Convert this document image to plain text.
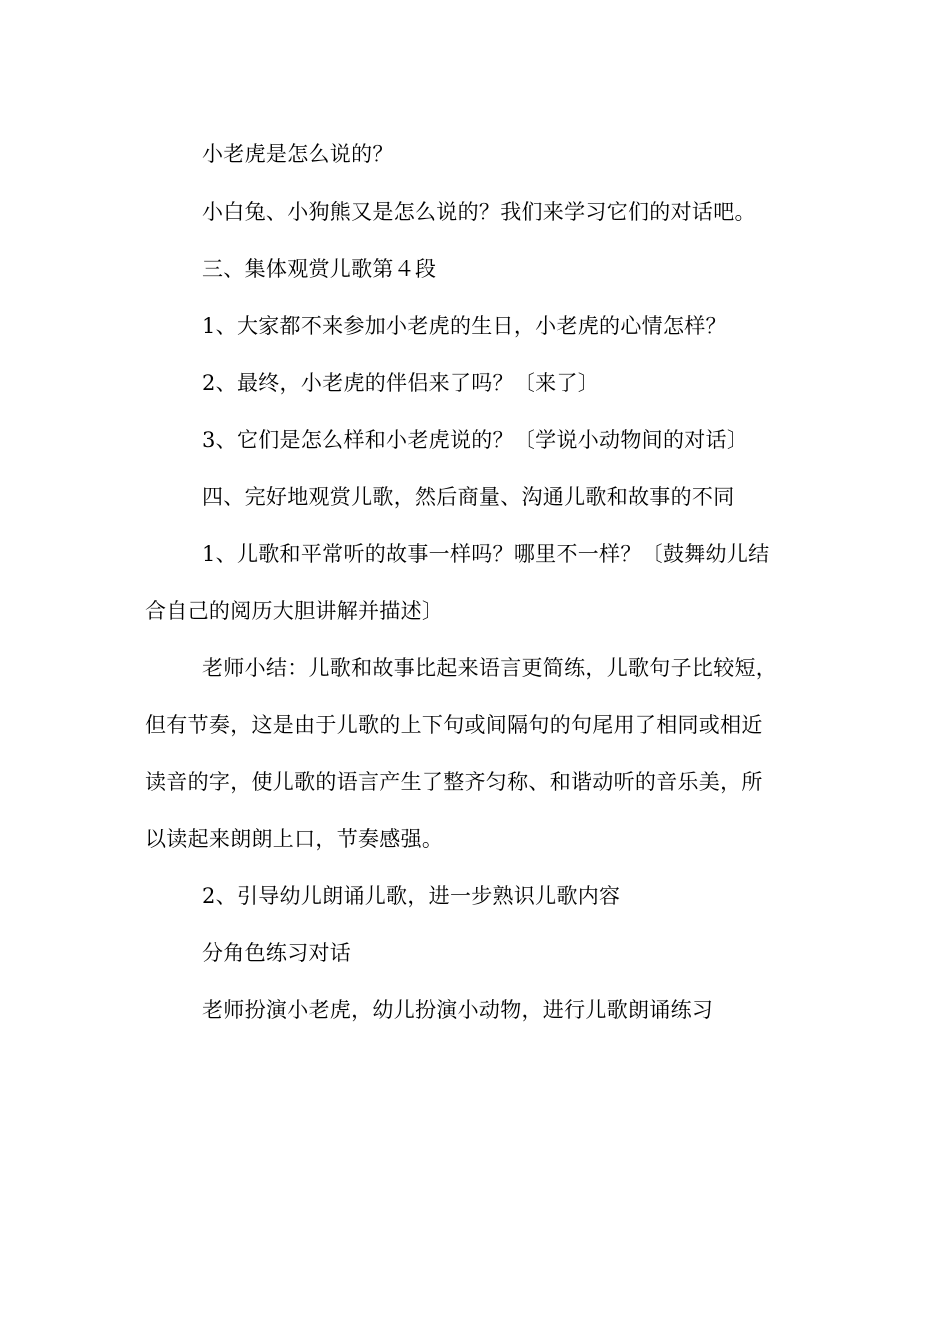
小老虎是怎么说的？
小白兔、小狗熊又是怎么说的？我们来学习它们的对话吧。
三、集体观赏儿歌第４段
1、大家都不来参加小老虎的生日，小老虎的心情怎样？
2、最终，小老虎的伴侣来了吗？〔来了〕
3、它们是怎么样和小老虎说的？〔学说小动物间的对话〕
四、完好地观赏儿歌，然后商量、沟通儿歌和故事的不同
1、儿歌和平常听的故事一样吗？哪里不一样？〔鼓舞幼儿结
合自己的阅历大胆讲解并描述〕
老师小结：儿歌和故事比起来语言更简练，儿歌句子比较短，
但有节奏，这是由于儿歌的上下句或间隔句的句尾用了相同或相近
读音的字，使儿歌的语言产生了整齐匀称、和谐动听的音乐美，所
以读起来朗朗上口，节奏感强。
2、引导幼儿朗诵儿歌，进一步熟识儿歌内容
分角色练习对话
老师扮演小老虎，幼儿扮演小动物，进行儿歌朗诵练习
